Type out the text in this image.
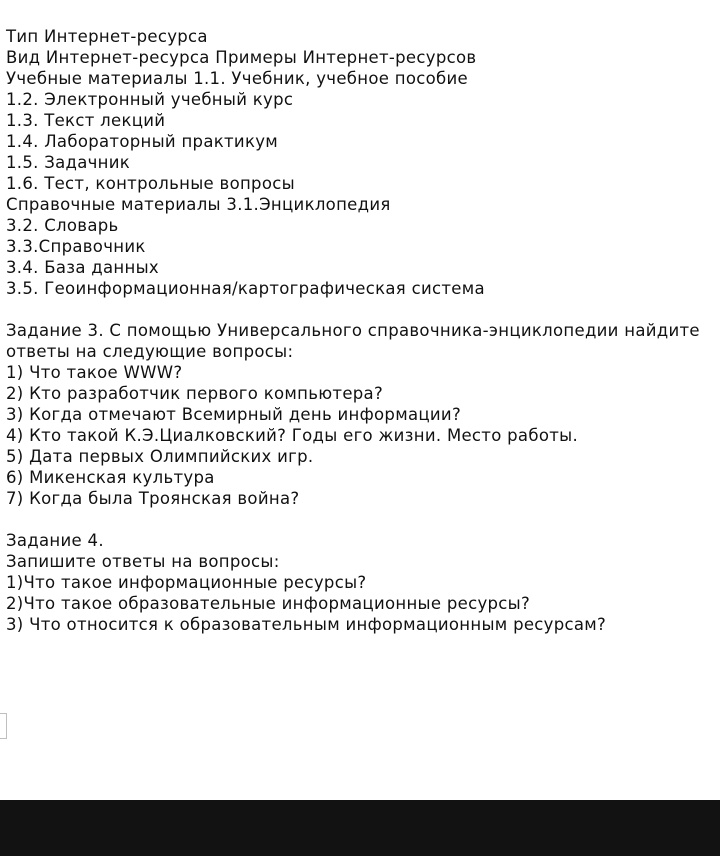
Тип Интернет-ресурса
Вид Интернет-ресурса Примеры Интернет-ресурсов
Учебные материалы 1.1. Учебник, учебное пособие
1.2. Электронный учебный курс
1.3. Текст лекций
1.4. Лабораторный практикум
1.5. Задачник
1.6. Тест, контрольные вопросы
Справочные материалы 3.1.Энциклопедия
3.2. Словарь
3.3.Справочник
3.4. База данных
3.5. Геоинформационная/картографическая система
Задание 3. С помощью Универсального справочника-энциклопедии найдите ответы на следующие вопросы:
1) Что такое WWW?
2) Кто разработчик первого компьютера?
3) Когда отмечают Всемирный день информации?
4) Кто такой К.Э.Циалковский? Годы его жизни. Место работы.
5) Дата первых Олимпийских игр.
6) Микенская культура
7) Когда была Троянская война?
Задание 4.
Запишите ответы на вопросы:
1)Что такое информационные ресурсы?
2)Что такое образовательные информационные ресурсы?
3) Что относится к образовательным информационным ресурсам?
